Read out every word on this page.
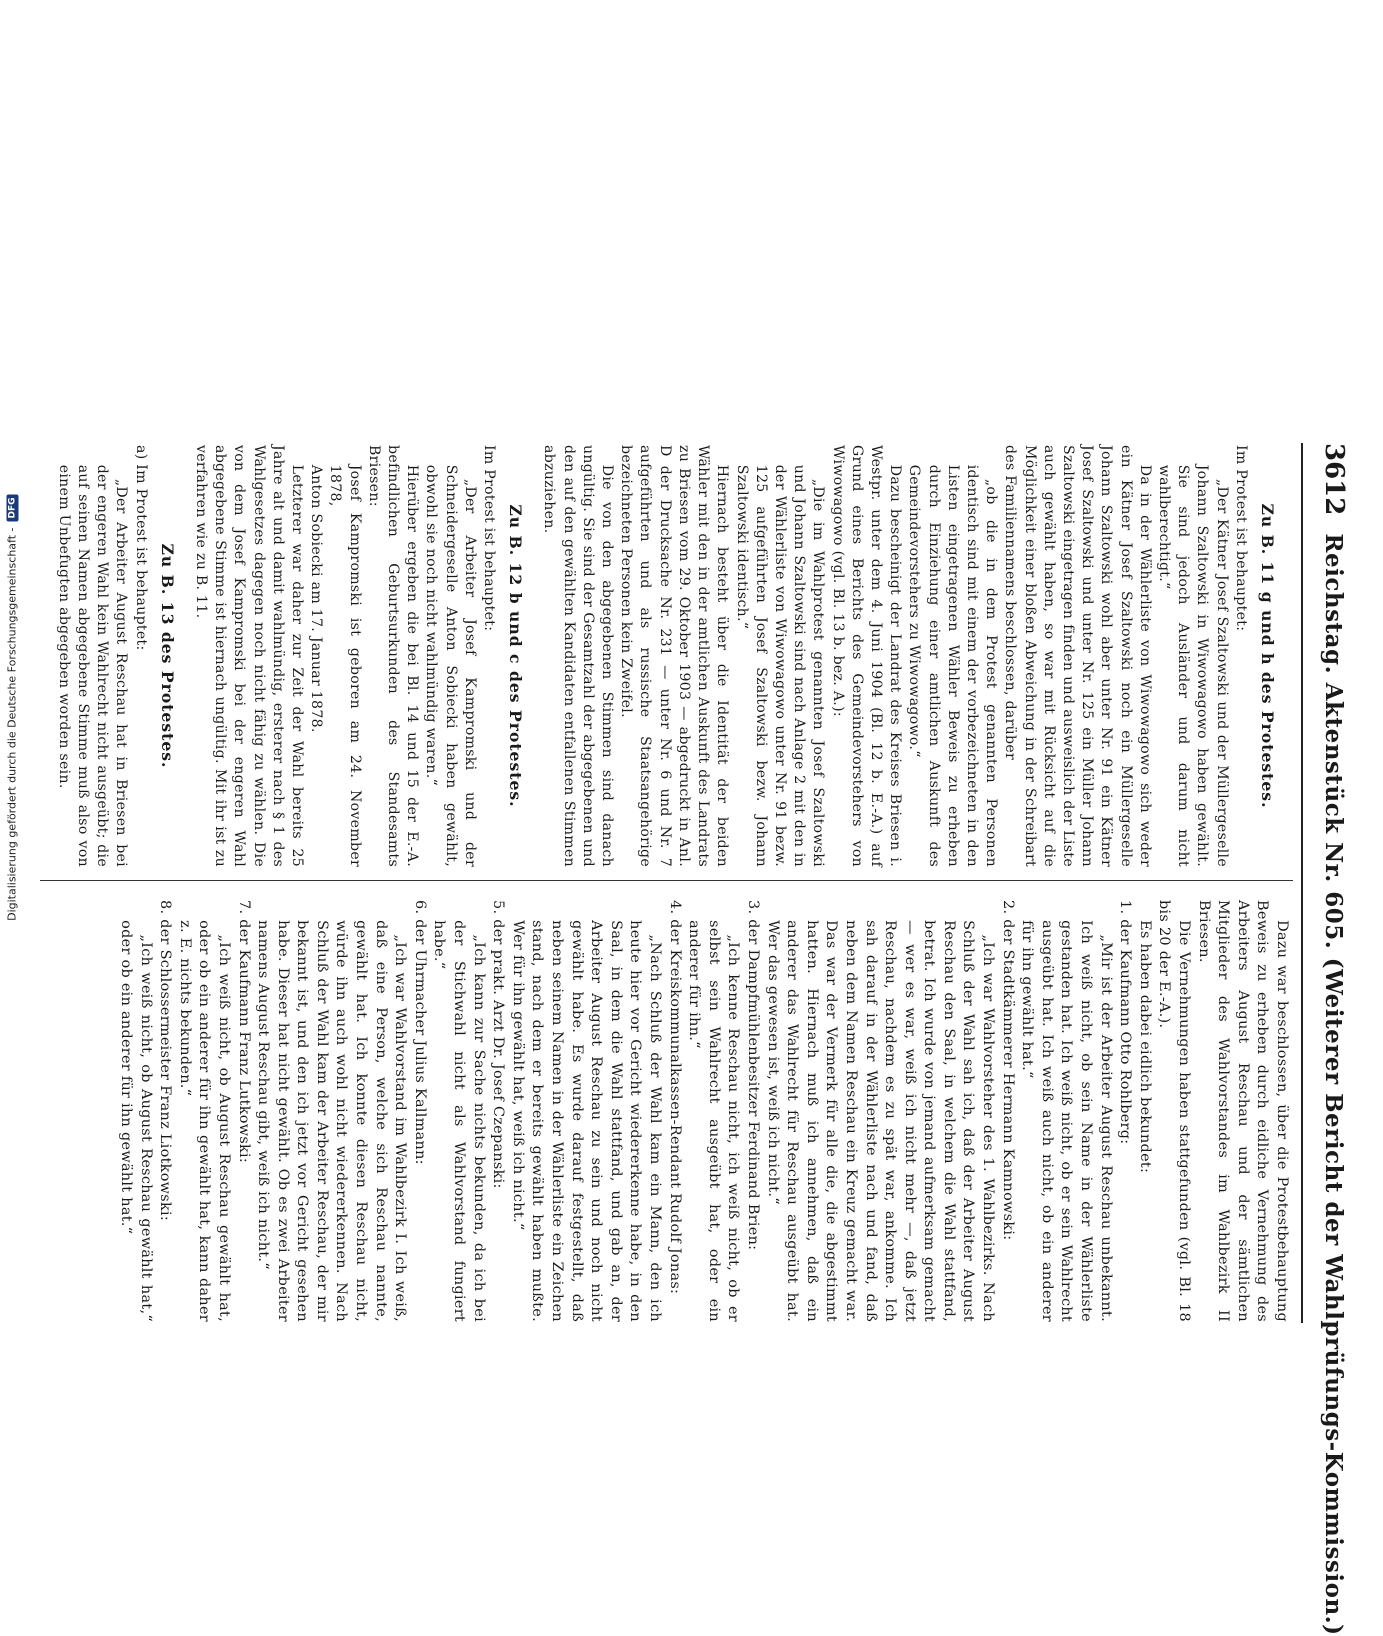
3612
Reichstag. Aktenstück Nr. 605. (Weiterer Bericht der Wahlprüfungs-Kommission.)

Zu B. 11 g und h des Protestes.

Im Protest ist behauptet:

„Der Kätner Josef Szaltowski und der Müllergeselle Johann Szaltowski in Wiwowagowo haben gewählt. Sie sind jedoch Ausländer und darum nicht wahlberechtigt.“

Da in der Wählerliste von Wiwowagowo sich weder ein Kätner Josef Szaltowski noch ein Müllergeselle Johann Szaltowski wohl aber unter Nr. 91 ein Kätner Josef Szaltowski und unter Nr. 125 ein Müller Johann Szaltowski eingetragen finden und ausweislich der Liste auch gewählt haben, so war mit Rücksicht auf die Möglichkeit einer bloßen Abweichung in der Schreibart des Familiennamens beschlossen, darüber

„ob die in dem Protest genannten Personen identisch sind mit einem der vorbezeichneten in den Listen eingetragenen Wähler Beweis zu erheben durch Einziehung einer amtlichen Auskunft des Gemeindevorstehers zu Wiwowagowo.“

Dazu bescheinigt der Landrat des Kreises Briesen i. Westpr. unter dem 4. Juni 1904 (Bl. 12 b. E.-A.) auf Grund eines Berichts des Gemeindevorstehers von Wiwowagowo (vgl. Bl. 13 b. bez. A.):

„Die im Wahlprotest genannten Josef Szaltowski und Johann Szaltowski sind nach Anlage 2 mit den in der Wählerliste von Wiwowagowo unter Nr. 91 bezw. 125 aufgeführten Josef Szaltowski bezw. Johann Szaltowski identisch.“

Hiernach besteht über die Identität der beiden Wähler mit den in der amtlichen Auskunft des Landrats zu Briesen vom 29. Oktober 1903 — abgedruckt in Anl. D der Drucksache Nr. 231 — unter Nr. 6 und Nr. 7 aufgeführten und als russische Staatsangehörige bezeichneten Personen kein Zweifel.

Die von den abgegebenen Stimmen sind danach ungültig. Sie sind der Gesamtzahl der abgegebenen und den auf den gewählten Kandidaten entfallenen Stimmen abzuziehen.

Zu B. 12 b und c des Protestes.

Im Protest ist behauptet:

„Der Arbeiter Josef Kampromski und der Schneidergeselle Anton Sobiecki haben gewählt, obwohl sie noch nicht wahlmündig waren.“

Hierüber ergeben die bei Bl. 14 und 15 der E.-A. befindlichen Geburtsurkunden des Standesamts Briesen:

Josef Kampromski ist geboren am 24. November 1878,

Anton Sobiecki am 17. Januar 1878.

Letzterer war daher zur Zeit der Wahl bereits 25 Jahre alt und damit wahlmündig, ersterer nach § 1 des Wahlgesetzes dagegen noch nicht fähig zu wählen. Die von dem Josef Kampromski bei der engeren Wahl abgegebene Stimme ist hiernach ungültig. Mit ihr ist zu verfahren wie zu B. 11.

Zu B. 13 des Protestes.

a) Im Protest ist behauptet:

„Der Arbeiter August Reschau hat in Briesen bei der engeren Wahl kein Wahlrecht nicht ausgeübt; die auf seinen Namen abgegebene Stimme muß also von einem Unbefugten abgegeben worden sein.

Dazu war beschlossen, über die Protestbehauptung Beweis zu erheben durch eidliche Vernehmung des Arbeiters August Reschau und der sämtlichen Mitglieder des Wahlvorstandes im Wahlbezirk II Briesen.

Die Vernehmungen haben stattgefunden (vgl. Bl. 18 bis 20 der E.-A.).

Es haben dabei eidlich bekundet:

1. der Kaufmann Otto Rohlberg:

„Mir ist der Arbeiter August Reschau unbekannt. Ich weiß nicht, ob sein Name in der Wählerliste gestanden hat. Ich weiß nicht, ob er sein Wahlrecht ausgeübt hat. Ich weiß auch nicht, ob ein anderer für ihn gewählt hat.“

2. der Stadtkämmerer Hermann Kamnowski:

„Ich war Wahlvorsteher des 1. Wahlbezirks. Nach Schluß der Wahl sah ich, daß der Arbeiter August Reschau den Saal, in welchem die Wahl stattfand, betrat. Ich wurde von jemand aufmerksam gemacht — wer es war, weiß ich nicht mehr —, daß jetzt Reschau, nachdem es zu spät war, ankomme. Ich sah darauf in der Wählerliste nach und fand, daß neben dem Namen Reschau ein Kreuz gemacht war. Das war der Vermerk für alle die, die abgestimmt hatten. Hiernach muß ich annehmen, daß ein anderer das Wahlrecht für Reschau ausgeübt hat. Wer das gewesen ist, weiß ich nicht.“

3. der Dampfmühlenbesitzer Ferdinand Brien:

„Ich kenne Reschau nicht, ich weiß nicht, ob er selbst sein Wahlrecht ausgeübt hat, oder ein anderer für ihn.“

4. der Kreiskommunalkassen-Rendant Rudolf Jonas:

„Nach Schluß der Wahl kam ein Mann, den ich heute hier vor Gericht wiedererkenne habe, in den Saal, in dem die Wahl stattfand, und gab an, der Arbeiter August Reschau zu sein und noch nicht gewählt habe. Es wurde darauf festgestellt, daß neben seinem Namen in der Wählerliste ein Zeichen stand, nach dem er bereits gewählt haben mußte. Wer für ihn gewählt hat, weiß ich nicht.“

5. der prakt. Arzt Dr. Josef Czepanski:

„Ich kann zur Sache nichts bekunden, da ich bei der Stichwahl nicht als Wahlvorstand fungiert habe.“

6. der Uhrmacher Julius Kallmann:

„Ich war Wahlvorstand im Wahlbezirk I. Ich weiß, daß eine Person, welche sich Reschau nannte, gewählt hat. Ich konnte diesen Reschau nicht, würde ihn auch wohl nicht wiedererkennen. Nach Schluß der Wahl kam der Arbeiter Reschau, der mir bekannt ist, und den ich jetzt vor Gericht gesehen habe. Dieser hat nicht gewählt. Ob es zwei Arbeiter namens August Reschau gibt, weiß ich nicht.“

7. der Kaufmann Franz Lutkowski:

„Ich weiß nicht, ob August Reschau gewählt hat, oder ob ein anderer für ihn gewählt hat, kann daher z. E. nichts bekunden.“

8. der Schlossermeister Franz Liotkowski:

„Ich weiß nicht, ob August Reschau gewählt hat,“ oder ob ein anderer für ihn gewählt hat.“

Digitalisierung gefördert durch die Deutsche Forschungsgemeinschaft -
DFG
